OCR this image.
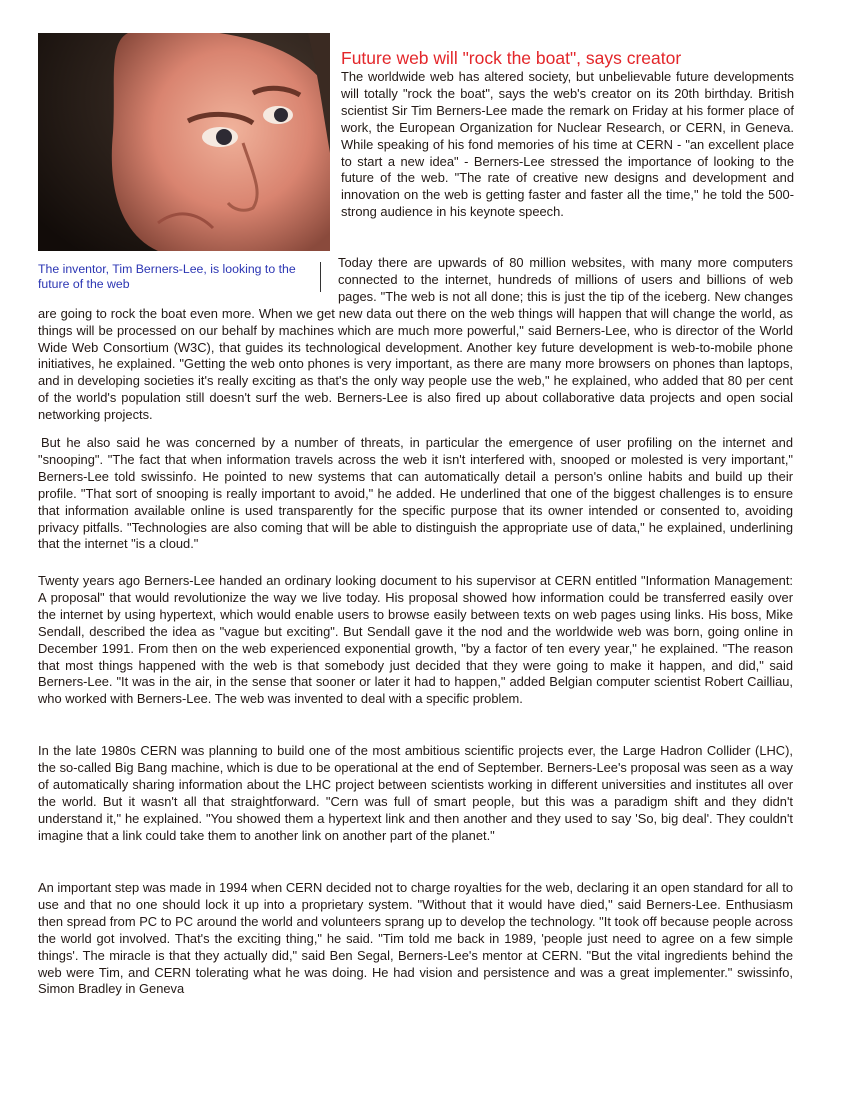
The inventor, Tim Berners-Lee, is looking to the future of the web
Future web will "rock the boat", says creator

The worldwide web has altered society, but unbelievable future developments will totally "rock the boat", says the web's creator on its 20th birthday. British scientist Sir Tim Berners-Lee made the remark on Friday at his former place of work, the European Organization for Nuclear Research, or CERN, in Geneva. While speaking of his fond memories of his time at CERN - "an excellent place to start a new idea" - Berners-Lee stressed the importance of looking to the future of the web. "The rate of creative new designs and development and innovation on the web is getting faster and faster all the time," he told the 500-strong audience in his keynote speech.

Today there are upwards of 80 million websites, with many more computers connected to the internet, hundreds of millions of users and billions of web pages. "The web is not all done; this is just the tip of the iceberg. New changes are going to rock the boat even more. When we get new data out there on the web things will happen that will change the world, as things will be processed on our behalf by machines which are much more powerful," said Berners-Lee, who is director of the World Wide Web Consortium (W3C), that guides its technological development. Another key future development is web-to-mobile phone initiatives, he explained. "Getting the web onto phones is very important, as there are many more browsers on phones than laptops, and in developing societies it's really exciting as that's the only way people use the web," he explained, who added that 80 per cent of the world's population still doesn't surf the web. Berners-Lee is also fired up about collaborative data projects and open social networking projects.

But he also said he was concerned by a number of threats, in particular the emergence of user profiling on the internet and "snooping". "The fact that when information travels across the web it isn't interfered with, snooped or molested is very important," Berners-Lee told swissinfo. He pointed to new systems that can automatically detail a person's online habits and build up their profile. "That sort of snooping is really important to avoid," he added. He underlined that one of the biggest challenges is to ensure that information available online is used transparently for the specific purpose that its owner intended or consented to, avoiding privacy pitfalls. "Technologies are also coming that will be able to distinguish the appropriate use of data," he explained, underlining that the internet "is a cloud."

Twenty years ago Berners-Lee handed an ordinary looking document to his supervisor at CERN entitled "Information Management: A proposal" that would revolutionize the way we live today. His proposal showed how information could be transferred easily over the internet by using hypertext, which would enable users to browse easily between texts on web pages using links. His boss, Mike Sendall, described the idea as "vague but exciting". But Sendall gave it the nod and the worldwide web was born, going online in December 1991. From then on the web experienced exponential growth, "by a factor of ten every year," he explained. "The reason that most things happened with the web is that somebody just decided that they were going to make it happen, and did," said Berners-Lee. "It was in the air, in the sense that sooner or later it had to happen," added Belgian computer scientist Robert Cailliau, who worked with Berners-Lee. The web was invented to deal with a specific problem.

In the late 1980s CERN was planning to build one of the most ambitious scientific projects ever, the Large Hadron Collider (LHC), the so-called Big Bang machine, which is due to be operational at the end of September. Berners-Lee's proposal was seen as a way of automatically sharing information about the LHC project between scientists working in different universities and institutes all over the world. But it wasn't all that straightforward. "Cern was full of smart people, but this was a paradigm shift and they didn't understand it," he explained. "You showed them a hypertext link and then another and they used to say 'So, big deal'. They couldn't imagine that a link could take them to another link on another part of the planet."

An important step was made in 1994 when CERN decided not to charge royalties for the web, declaring it an open standard for all to use and that no one should lock it up into a proprietary system. "Without that it would have died," said Berners-Lee. Enthusiasm then spread from PC to PC around the world and volunteers sprang up to develop the technology. "It took off because people across the world got involved. That's the exciting thing," he said. "Tim told me back in 1989, 'people just need to agree on a few simple things'. The miracle is that they actually did," said Ben Segal, Berners-Lee's mentor at CERN. "But the vital ingredients behind the web were Tim, and CERN tolerating what he was doing. He had vision and persistence and was a great implementer." swissinfo, Simon Bradley in Geneva
